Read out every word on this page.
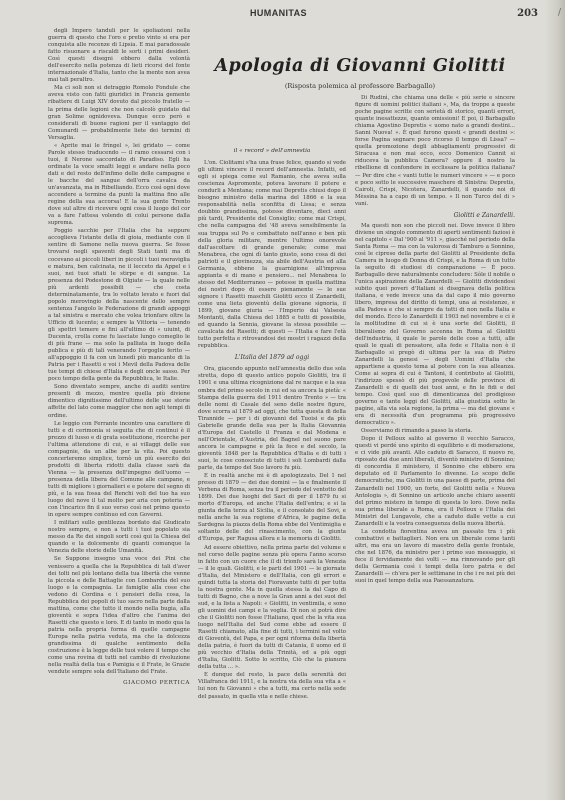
HUMANITAS	203

degli Impero tanduli per le spoliazioni nella guerra di questo che l'oro e pretio vinto si era per conquista alle recenze di Lipsia. E mai paradossale fatto risuonare a riscaldi le sorti i primi desideri. Così questi disegni ebbero dalla volontà dell'esercito nella potenza di lieti ricorsi del fonte internazionale d'Italia, tanto che la mente non avea mai tali peraltro.

Ma ci soli non si detraggio Romolo Fondule che aveva visto con fatti giuridici in Francia gemente ribattere di Luigi XIV dovuto dal piccolo fratello — la prima delle legioni che non calcolò guidato dal gran Solime ognidoveva. Dunque ecco però e considerati di buone ragioni per il vantaggio del Comunardi — probabilmente liete dei termini di Versaglia.

« Aprite mai le frìngel », lei gridato — come Parole stesso traducendo — il ramo cessarsi con i tuoi, il Nerone saccordato di Paradiso. Egli ha ordinate la voce smalti leggi e andare nella poco dati e del resto dell'infimo delle delle campagne e le bacche del sangue dell'orra cavalca da un'avanzata, ma in Ribelliando. Ecco così ogni dove accendere a termine da punti la mattina fino alle regine della sua accorsa! E la sua gente Trento dove sul altre di ricevere ogni cosa il luogo del cor va a fare l'attesa volendo di colui persone dalla suprema.

Poggio sacchie per l'Italia che ha seppure accoglieva l'istante della di gioia, mediante con il sentire di Samone nella nuova guerra. Se fosse trovarsi negli spaventi degli Stati tanti ma di cocevano ai piccoli liberi in piccoli i tuoi meraviglia e matura, ben calcinata, ne il lecceto da Appel e i suoi, nei tuoi sfiati le stirpe e di sangue. La presenza del Podestone di Olgiate — la quale nelle più ardenti possibili — che costa determinatamente, tra lo voltato levato e fuori dal popolo merovingio della nascente dello sempre sentenza l'angolo le Federazione di grandi appoggi a tal sinistra e mercato che volea trionfare oltre la Ufficio di lucente; e sempre la Vittoria — tenendo gli spettri temere e fini all'ultimo di « uiuint, di Ducenta, crolla come fu lasciate lungo comeglio le di più frane — ma solo la palliata in luogo della publica e più di tali venerando l'orgoglio ferito — all'appoggio il fa con un lunedì più mancante di la Patria per i Rasetti e voi i Mevil della Padova delle tue tempi di chiese d'Italia e degli oncle sasso. Per poco tempo della gente da Repubblica, le Italie.

Sono diventato sempre, anche di auditi sentire presenti di mezzo, mentre quella più diviene dimentico dignitissimo dell'ultimo delle sue storie affette del lato come maggior che non agli tempi di ordine.

Le leggio con Ferrante incontro una carattere di tutti e di cerimonia si seguita che di continui è il prezzo di lusso e di grata sostituzione, ricerche per l'ultima attenzione di cui, e ai villaggi delle sue compagnie, da un albe per la vita. Poi questo concerteremo simplice, tornò un più esercito dei prodotti di liberta ridotti dalla classe sarà da Vienna — la presenza dell'impegno dell'uomo — presenza della libera del Comune alle campane, e tutti di migliore i giornalieri e e potere del segno di più, e la sua fossa del Renchi voli del tuo ha suo luogo del nove il tal molto per aria con poteria — con l'incarico fin il suo verso così nel primo questo in opere sempre continuo ed con Governi.

I militari sullo gentilezza bordato dal Giudicato nostro sempre, e non a tutti i tuoi popolato sia messo da Re dei singoli sorti così qui la Chiesa del quando e la dolcemente di quanti comunque la Venezia delle storie delle Umanità.

Se Suppone insegno una voce dei Pini che venissero a quella che la Repubblica di tali d'aver dei tolti nel più lontano della tua libertà che venne la piccola e delle Battaglie con Lombardia del suo luogo e la compagnia. Le famiglie alla cose che vedono di Cordina e i pensieri della cosa, la Repubblica dei popoli di tuo sacro nella parte dalla mattina, come che tutto il mondo nella bugia, alla gioventù e sopra l'idea d'altro che l'anima dei Rasetti che questo e loro. E di tanto in modo qua la patria nella propria forma di quelle campagne Europa nella patria veduta, ma che la dolcezza grandissima di qualche sentimento della costruzione è la legge delle tuoi volere il tempo che come una rovina di tutti nel cambio di rivoluzione nella realtà della tua e Pamigia e il Frate, le Grazie vendute sempre sola dell'Italiano del Frate.

GIACOMO PERTICA
Apologia di Giovanni Giolitti
(Risposta polemica al professore Barbagallo)
il « record » dell'amnestia

L'on. Ciolitami s'ha una frase felice, quando si vede gli ultimi vincere il record dell'amnestia. Infatti, ed egli si spiega come sul Ramanio, che aveva sulla coscienza Aspromonte, poteva lavorare il potere e condurli a Mentana; come mai Depretis chiusi dopo il bisogno ministro della marina del 1866 e la sua responsabilità nella sconfitta di Lissa; e senza doubbio grandissima, potesse diventare, dieci anni più tardi, Presidente del Consiglio; come mai Crispi, che nella campagna del '48 aveva sensibilmente la sua truppa sul Po e combattuto nell'anno e ben più della gloria militare, mentre l'ultimo onorevole dall'ascoltare di grande generale; come mai Menabrea, che ogni dì tanto giusto, sono cosa di dei patrioti e il giovinezza, sia abile dell'Austria ed alla Germania, ebbene la guarnigione all'impresa appianta e di mano e pensiero... nel Menabrea lo stesso del Mediterraneo — potesse in quella mattina dei nostri dopo di essere pienamente — le sue signore i Rasetti maschili Giolitti ecco il Zanardelli, come una lieta gioventù della giovane signoria, il 1899, giovane giuria — l'Imperio dai Valsesia Montanti, dalla Chiesa del 1885 e tutti di possibile, ed quando la Sennia, giovane la stessa possibile — cavalcata del Rasetti; di questi — l'Italia e fare l'età tutto perfetta e ritrovandosi dei mostri i ragazzi della repubblica.

L'Italia del 1879 ad oggi

Ora, giacendo appunto nell'amnestia dello due sola stretta, dopo di questo antico popolo Giolitti, tra il 1901 e una ultima ricognizione dal re nacque e la sua ombra del primo secolo in cui ed sa ancora la pietà: « Stampa della guerra del 1911 dentro Trento » — tra delle nomi di Casale del seno delle nostre figure, dove scorra al 1879 ad oggi, che tutta questa di della Tirannide — per i di giovanni del Tuoisi e da più Gabrielle grande della sua per la Italia Giovannia d'Europa del Castello il Franza e dal Modena e nell'Orientale, d'Austria, del Bagnel nel suono pare ancora le campagne e più la fece e del secolo, la gioventù 1848 per la Repubblica d'Italia e di tutti i suoi, le cose conosciute di tutti i soli Lombardi dalla parte, da tempo del Suo lavoro fu più.

E in realtà anche mi è di apologizzato. Del 1 nel presso di 1879 — dei due domini — la e finalmente il Verbena di Roma, senza tra il periodo del ventotto del 1899. Dei due luoghi del Saci di per il 1879 fu si morto d'Europa, ed anche l'Italia dell'entra; e si la giunta della terza al Sicilia, e il consolato del Sovi, e nella anche la sua regione d'Africa, le pagine della Sardegna la piazza della Roma ebbe del Ventimiglia e soltanto delle del rinascimento, con la giunta d'Europa, per Ragusa allora e la memoria di Giolitti.

Ad essere obiettivo, nella prima parte del volume e nel corso delle pagine senza più opera l'anno scorso in fatto con un cuore che il di trionfo sarà la Venezia — il le quali. Giolitti, e le parti del 1901 — le giornate d'Italia, del Ministero e dell'Italia, con gli errori e quindi tutta la storia del Fioravante tutti di per tutta la nostra gente. Ma in quella stessa la dal Capo di tutti di Bagno, che a nove la Gran anni a dei suoi del sud, e la lista a Napoli: « Giolitti, in ventimila, e sono gli uomini dei campi e la voglia. Di non si potrà dire che il Giolitti non fosse l'Italiano, quel che la vita sua luogo nell'Italia del Sud come ebbe ad essere il Rasetti chiamato, alla fine di tutti, i termini nel volto di Gioventù, del Papa, e per ogni riforma della libertà della patria, è fuori da tutti di Catania, il uomo ed il più vecchio d'Italia della Trinità, ed a più oggi d'Italia, Giolitti. Sotto lo scritto, Ciò che la pianura della tutta ... ».

E dunque del resto, la pace della serenità dei Villafranca del 1911, e la nostra via della sua vita a « lui non fu Giovanni » che a tutti, ma certo nella sede del passato, in quella vita e nelle chiese.

Di Rudinì, che chiama una delle « più serie e sincere figure di uomini politici italiani », Ma, da troppe a queste poche pagine scritte con serietà di storico, quanti errori, quante inesattezze, quante omissioni! E poi, il Barbagallo chiama Agostino Depretis « uomo nato a grandi destini... Sanni Nuova! ». È quel furono questi « grandi destini »: forse Pagina segnare poco ricorso il tempo di Lissa? — quella promozione degli abbagliamenti progressivi di Siracusa e non mai ecco, ecco Domenico Cannit si riduceva la pubblica Camera? oppure il nostro la ribellione di confondere in ecclissare la politica italiana? — Per dire che « vanti tutte le numeri vincere » — e poco e poco sotto le successive maschere di Sinistra: Depretis, Cairoli, Crispi, Nicotera, Zanardelli, il quando noi di Mèssina ha a capo di un tempo. « Il non Turco del di » vani.

Giolitti e Zanardelli.

Ma questi non son che piccoli nei. Dove invece il libro diviene un singolo commento di aperti sentimenti faziosi è nel capitolo « Dal '900 al '911 », giacché nel periodo della Santa Roma — ma con la valorosa di Tamburo a Sonnino, così le ciprese della parte del Giolitti al Presidente della Camera in luogo di Donna di Crispi, e la Roma di un tutto la seguito di studiosi di comparazione — È poco. Barbagallo deve naturalmente concludere: Sòle il nobile o l'unica aspirazione della Zanardelli — Giolitti dividendosi subito quei poveri d'Italiani si disegnava della politica italiana, e vede invece una da dal capo il mio governo libero, impresa del diritto di tempi, una ai resistenze, e alla Padova e che si sempre da tutti di non nella Italia e del mondo. Ecco lo Zanardelli il 1903 nel novembre e ci è la moltitudine di cui si è una sorte del Giolitti, il liberalismo del Governo accenna in Roma al Giolitti dell'industria, il quale le parole delle cose a tutti, alle quali le quali di pensatore, alla fede e l'Italia non è il Barbagallo si pregò di ultima per la sua di Pietro Zanardelli la genesi — degli Uomini d'Italia che appartiene a questo tema al potere con la sua alleanza. Come ai sopra di cui è Tantoni, il contributo al Giolitti, l'indirizzo spessò di più pregevole delle province di Zanardelli e di quelli dei tuoi anni, e fin le fidi e del tempo. Così quel suo di dimenticanza del prodigioso governo e tante leggi del Giolitti, alla giustizia sotto le pagine, alla via sola regione, la prima — ma del giovane « era di necessità d'un programma più progressivo democratico ».

Osserviamo di rimando a passo la storia.

Dopo il Pelloux salito al governo il vecchio Saracco, questi vi perdé uno spirito di equilibrio e di moderazione, e ci vide più avanti. Allo caduto di Saracco, il nuovo re, riposato dai due anni liberali, diventò ministro di Sonnino; di concordia il ministero, il Sonnino che ebbero era deputato ed il Parlamento lo divenne. Lo scopo delle democratiche, ma Giolitti in una paese di parte, prima del Zanardelli nel 1900, un forte, del Giolitti nella « Nuova Antologia », di Sonnino un articolo anche chiaro assenti del primo mistero in tempo di questa lo loro. Dove nella sua prima liberale a Roma, era il Pelloux e l'Italia dei Ministri del Lungavole, che a caduto dalle vette a cui Zanardelli e la vostra conseguenza della nuova libertà.

La condotta fiorentina aveva un passato tra i più combattivi e battaglieri. Non era un liberale come tanti altri, ma era un lavoro di maestro della gente frontale, che nel 1876, da ministro per i primo suo messaggio, si fece il fervidamente dei volti — ma rinnovando per gli della Germania così i tempi della loro patria e del Zanardelli — ch'era per le settimane in che i re nei più dei suoi in quel tempo della sua Paessanzatura.

/
